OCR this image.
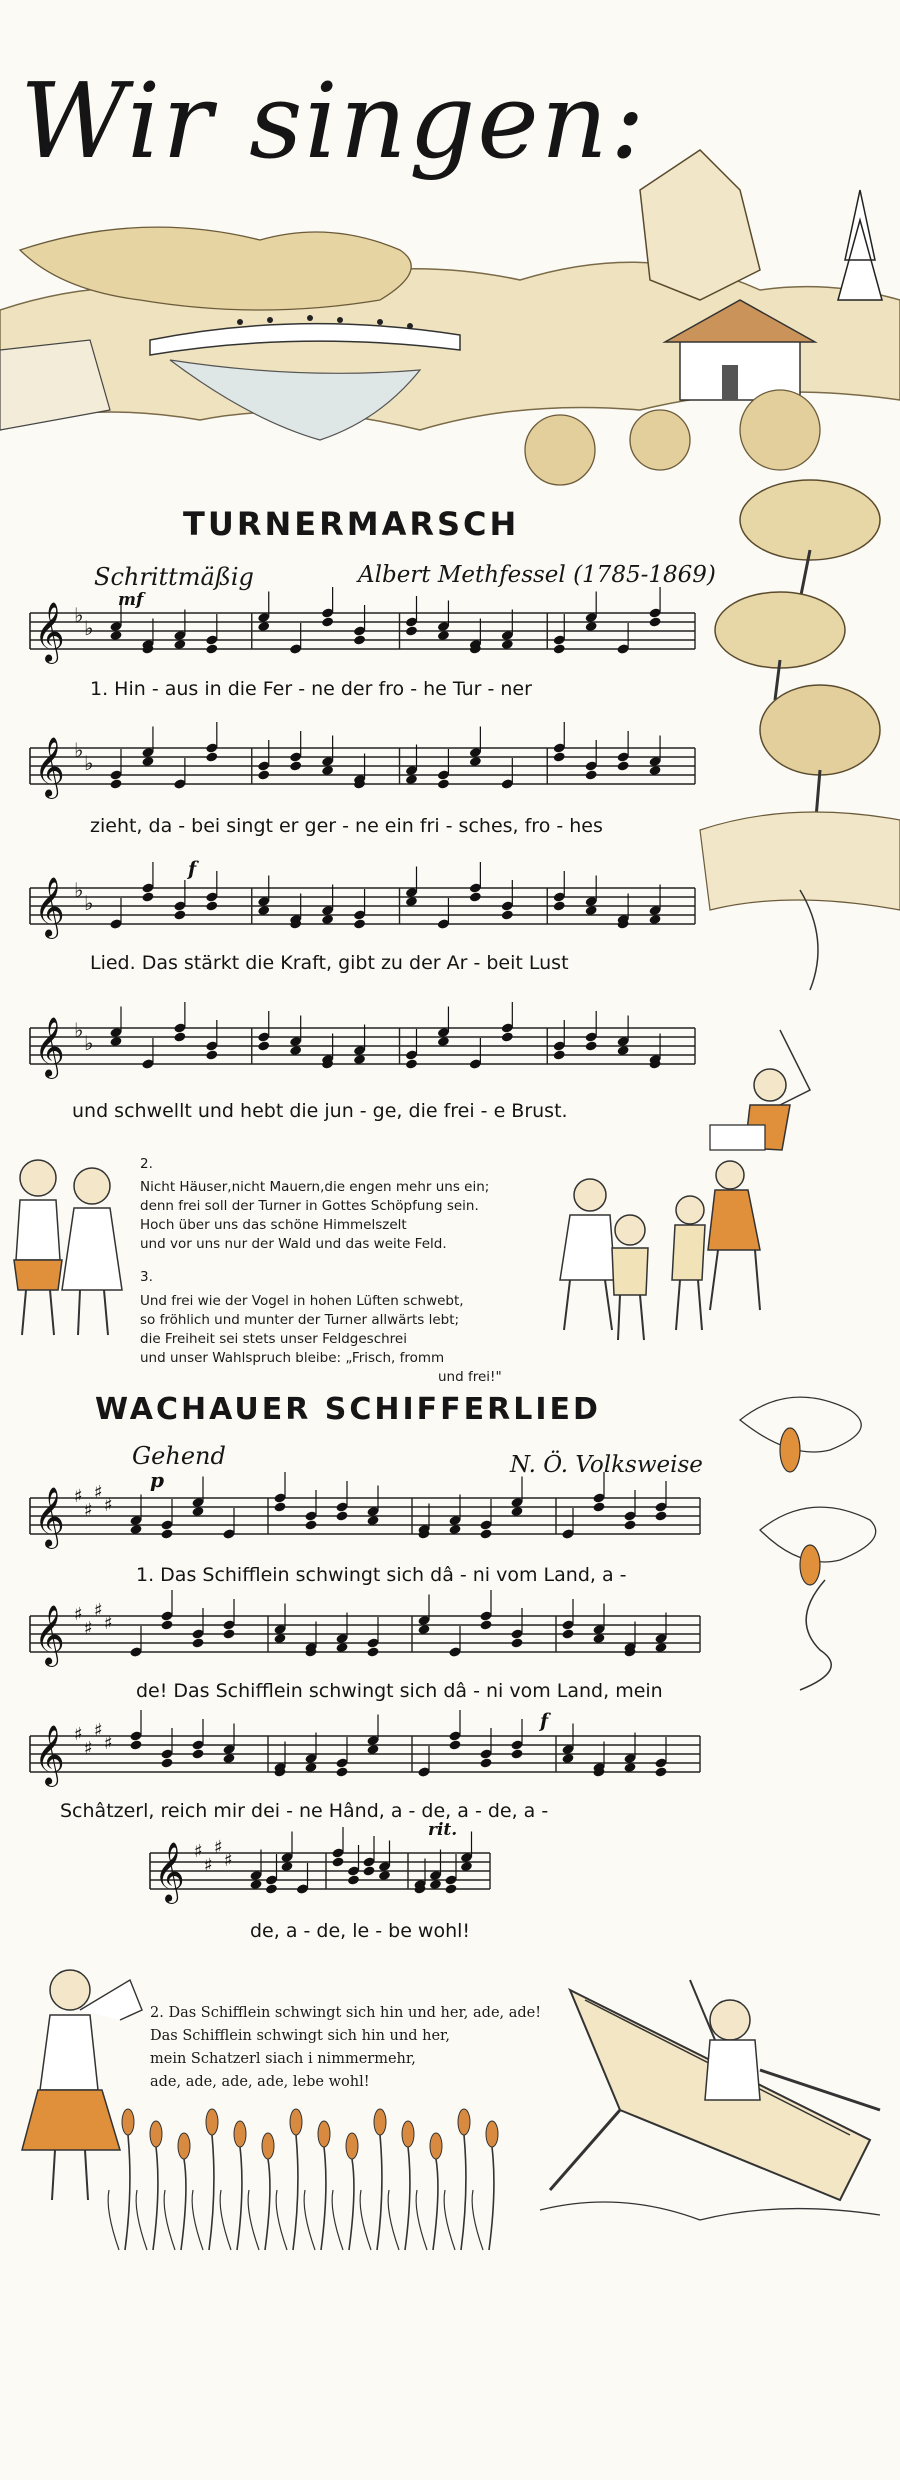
Wir singen:
TURNERMARSCH
Schrittmäßig	Albert Methfessel (1785-1869)
mf
f
𝄞 ♭
♭
1. Hin - aus in die Fer - ne der fro - he Tur - ner
𝄞 ♭
♭
zieht, da - bei singt er ger - ne ein fri - sches, fro - hes
𝄞 ♭
♭
Lied. Das stärkt die Kraft, gibt zu der Ar - beit Lust
𝄞 ♭
♭
und schwellt und hebt die jun - ge, die frei - e Brust.
2.
Nicht Häuser,nicht Mauern,die engen mehr uns ein;
denn frei soll der Turner in Gottes Schöpfung sein.
Hoch über uns das schöne Himmelszelt
und vor uns nur der Wald und das weite Feld.
3.
Und frei wie der Vogel in hohen Lüften schwebt,
so fröhlich und munter der Turner allwärts lebt;
die Freiheit sei stets unser Feldgeschrei
und unser Wahlspruch bleibe: „Frisch, fromm
und frei!"
WACHAUER SCHIFFERLIED
Gehend	N. Ö. Volksweise
p
f
rit.
𝄞 ♯
♯
♯
♯
1. Das Schifflein schwingt sich dâ - ni vom Land, a -
𝄞 ♯
♯
♯
♯
de! Das Schifflein schwingt sich dâ - ni vom Land, mein
𝄞 ♯
♯
♯
♯
Schâtzerl, reich mir dei - ne Hând, a - de, a - de, a -
𝄞 ♯
♯
♯
♯
de, a - de, le - be wohl!
2. Das Schifflein schwingt sich hin und her, ade, ade!
Das Schifflein schwingt sich hin und her,
mein Schatzerl siach i nimmermehr,
ade, ade, ade, ade, lebe wohl!
